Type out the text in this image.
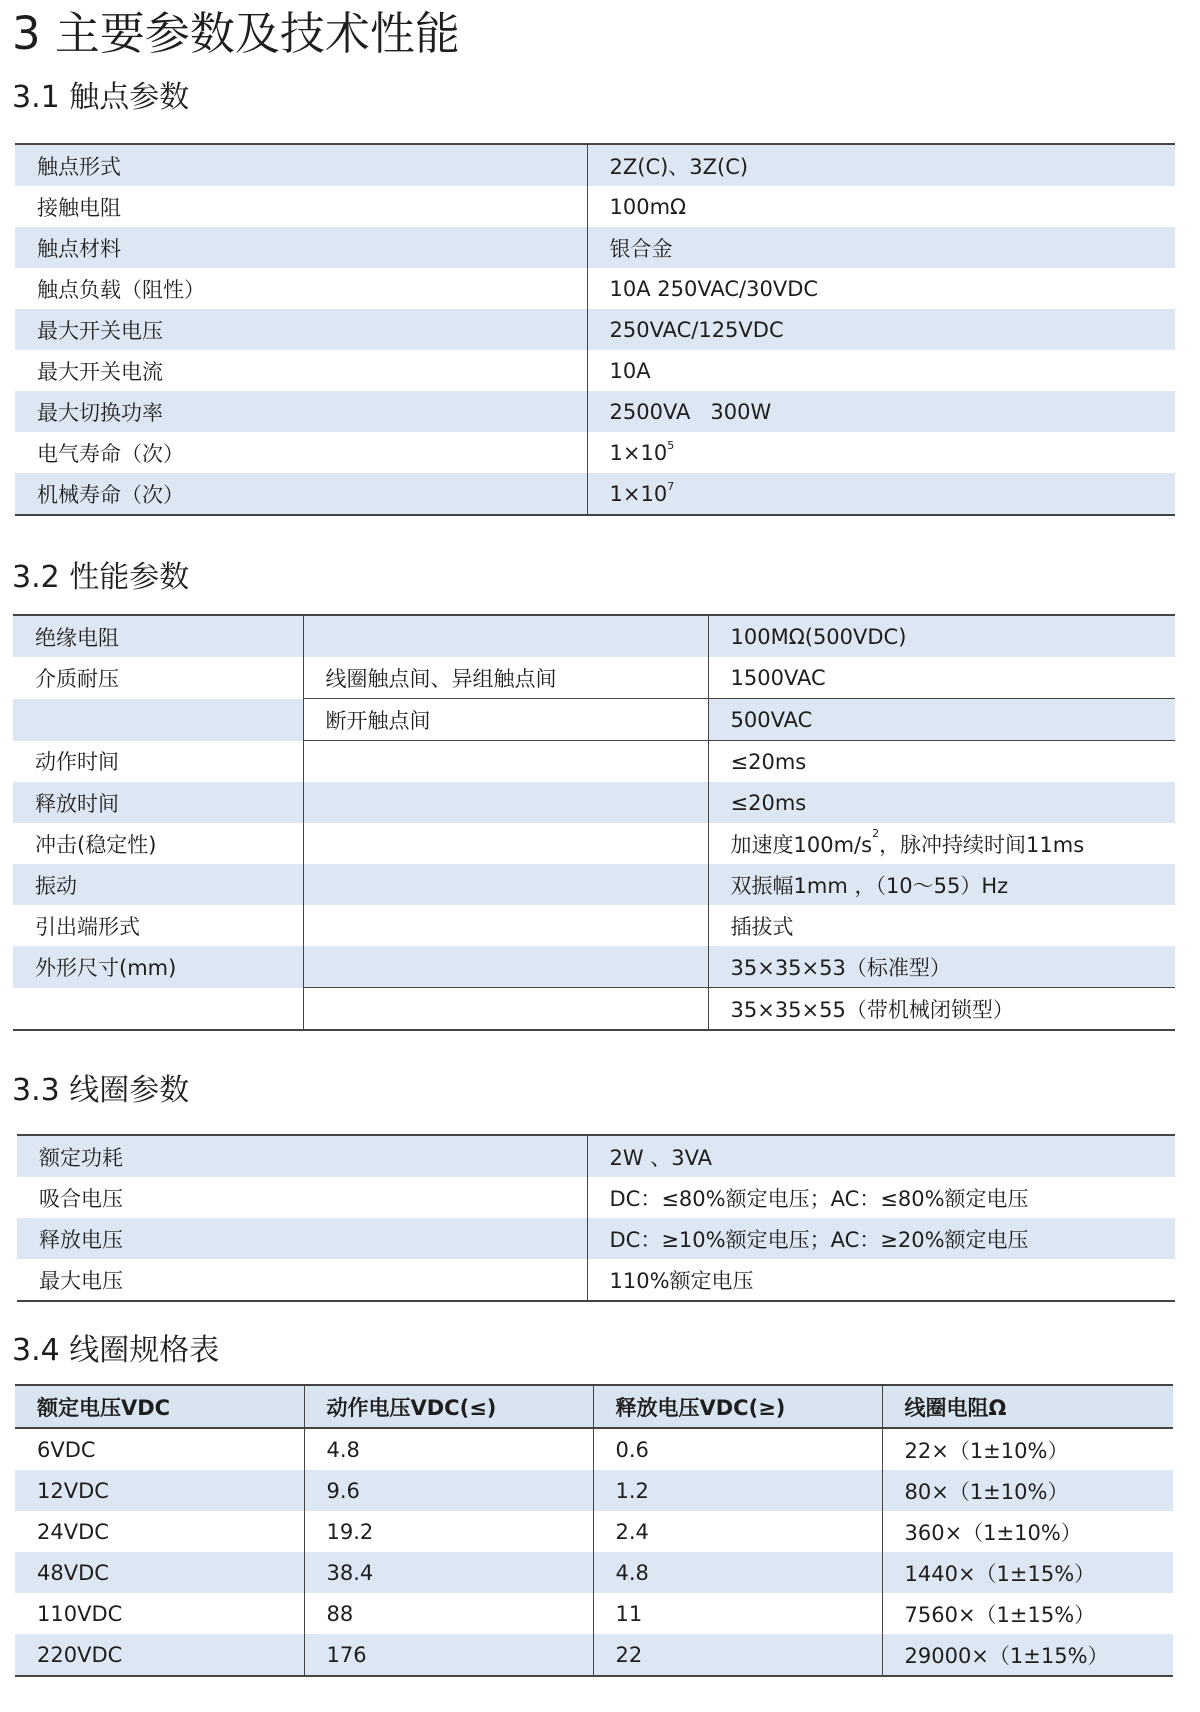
3 主要参数及技术性能
3.1 触点参数
触点形式	2Z(C)、3Z(C)
接触电阻	100mΩ
触点材料	银合金
触点负载（阻性）	10A 250VAC/30VDC
最大开关电压	250VAC/125VDC
最大开关电流	10A
最大切换功率	2500VA   300W
电气寿命（次）	$1\times 10^5$
机械寿命（次）	$1\times 10^7$
3.2 性能参数
绝缘电阻		100MΩ(500VDC)
介质耐压	线圈触点间、异组触点间	1500VAC
	断开触点间	500VAC
动作时间		≤20ms
释放时间		≤20ms
冲击(稳定性)		加速度$100m/s^2$，脉冲持续时间11ms
振动		双振幅1mm ，（10～55）Hz
引出端形式		插拔式
外形尺寸(mm)		35×35×53（标准型）
		35×35×55（带机械闭锁型）
3.3 线圈参数
额定功耗	2W 、3VA
吸合电压	DC：≤80%额定电压；AC：≤80%额定电压
释放电压	DC：≥10%额定电压；AC：≥20%额定电压
最大电压	110%额定电压
3.4 线圈规格表
额定电压VDC	动作电压VDC(≤)	释放电压VDC(≥)	线圈电阻Ω
6VDC	4.8	0.6	22×（1±10%）
12VDC	9.6	1.2	80×（1±10%）
24VDC	19.2	2.4	360×（1±10%）
48VDC	38.4	4.8	1440×（1±15%）
110VDC	88	11	7560×（1±15%）
220VDC	176	22	29000×（1±15%）
